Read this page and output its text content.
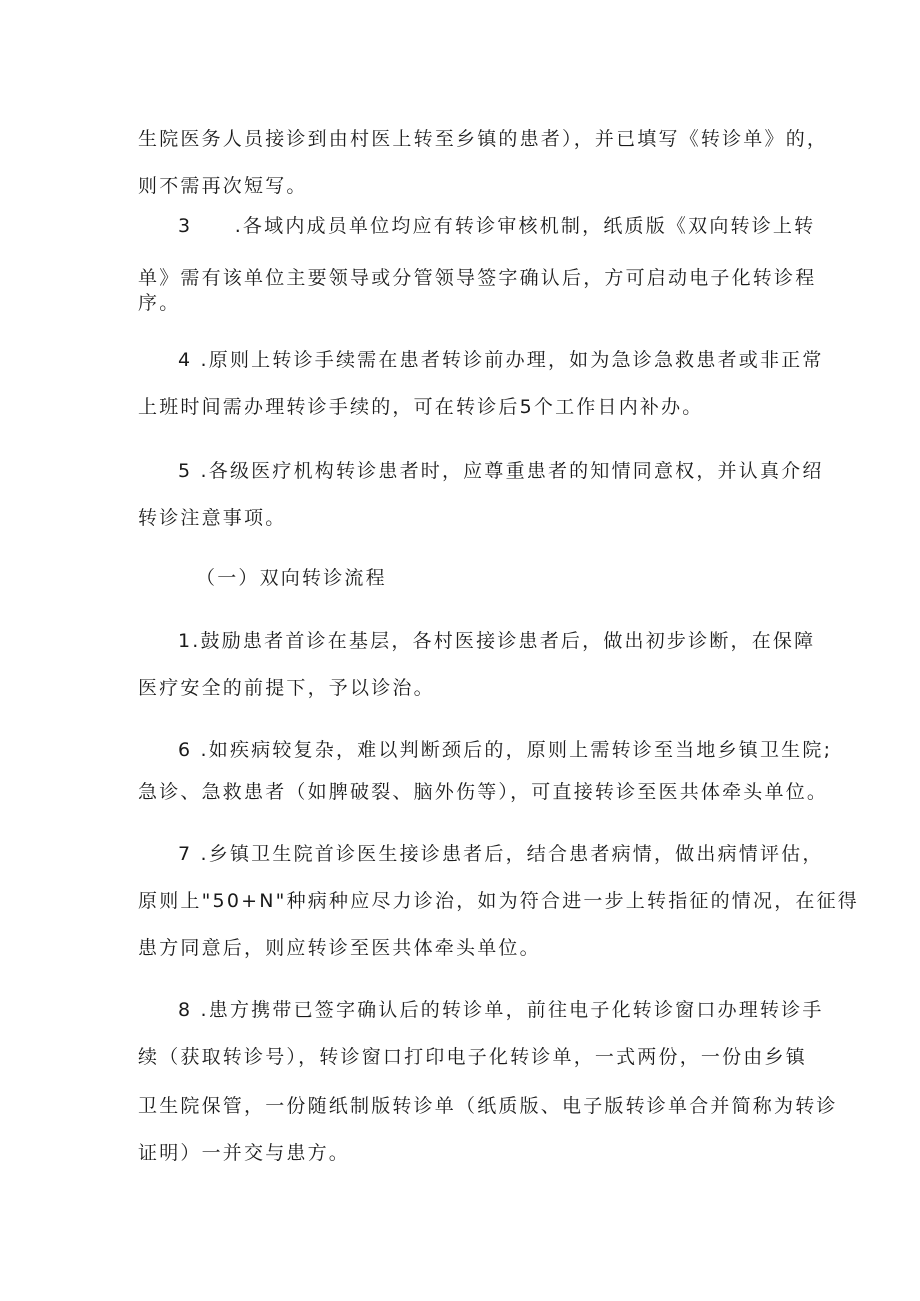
生院医务人员接诊到由村医上转至乡镇的患者），并已填写《转诊单》的，
则不需再次短写。
3　　.各域内成员单位均应有转诊审核机制，纸质版《双向转诊上转
单》需有该单位主要领导或分管领导签字确认后，方可启动电子化转诊程
序。
4 .原则上转诊手续需在患者转诊前办理，如为急诊急救患者或非正常
上班时间需办理转诊手续的，可在转诊后5个工作日内补办。
5 .各级医疗机构转诊患者时，应尊重患者的知情同意权，并认真介绍
转诊注意事项。
（一）双向转诊流程
1.鼓励患者首诊在基层，各村医接诊患者后，做出初步诊断，在保障
医疗安全的前提下，予以诊治。
6 .如疾病较复杂，难以判断颈后的，原则上需转诊至当地乡镇卫生院;
急诊、急救患者（如脾破裂、脑外伤等），可直接转诊至医共体牵头单位。
7 .乡镇卫生院首诊医生接诊患者后，结合患者病情，做出病情评估，
原则上"50+N"种病种应尽力诊治，如为符合进一步上转指征的情况，在征得
患方同意后，则应转诊至医共体牵头单位。
8 .患方携带已签字确认后的转诊单，前往电子化转诊窗口办理转诊手
续（获取转诊号），转诊窗口打印电子化转诊单，一式两份，一份由乡镇
卫生院保管，一份随纸制版转诊单（纸质版、电子版转诊单合并简称为转诊
证明）一并交与患方。
